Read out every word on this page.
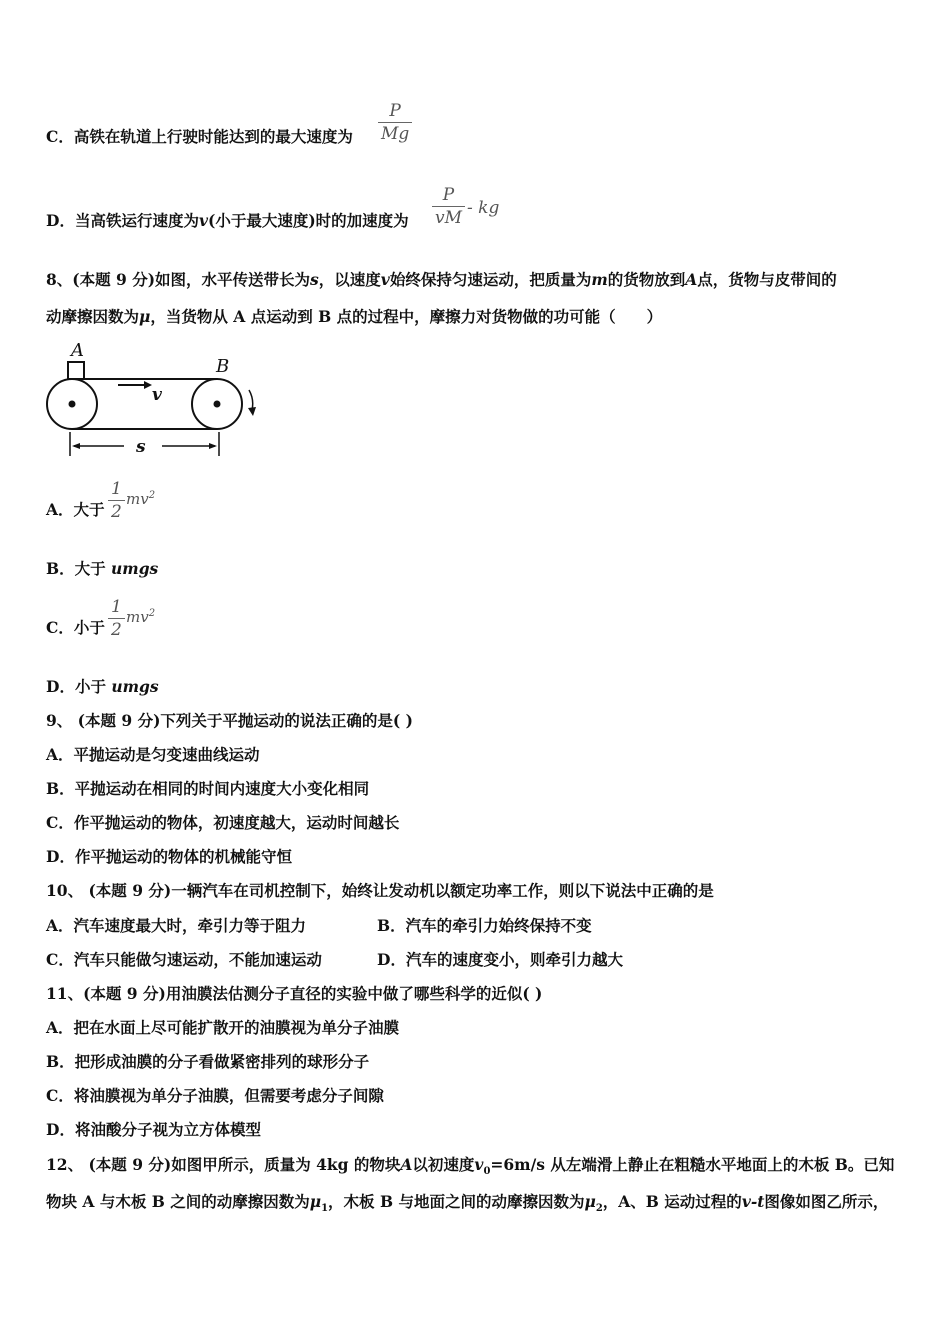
C．高铁在轨道上行驶时能达到的最大速度为 $\frac{P}{Mg}$
D．当高铁运行速度为v(小于最大速度)时的加速度为 $\frac{P}{vM}$ - kg
8、(本题 9 分)如图，水平传送带长为s，以速度v始终保持匀速运动，把质量为m的货物放到A点，货物与皮带间的
动摩擦因数为μ，当货物从 A 点运动到 B 点的过程中，摩擦力对货物做的功可能（　　）
A
B
v
s
A．大于 $\frac{1}{2} mv^2$
B．大于 umgs
C．小于 $\frac{1}{2} mv^2$
D．小于 umgs
9、 (本题 9 分)下列关于平抛运动的说法正确的是( )
A．平抛运动是匀变速曲线运动
B．平抛运动在相同的时间内速度大小变化相同
C．作平抛运动的物体，初速度越大，运动时间越长
D．作平抛运动的物体的机械能守恒
10、 (本题 9 分)一辆汽车在司机控制下，始终让发动机以额定功率工作，则以下说法中正确的是
A．汽车速度最大时，牵引力等于阻力	B．汽车的牵引力始终保持不变
C．汽车只能做匀速运动，不能加速运动	D．汽车的速度变小，则牵引力越大
11、(本题 9 分)用油膜法估测分子直径的实验中做了哪些科学的近似( )
A．把在水面上尽可能扩散开的油膜视为单分子油膜
B．把形成油膜的分子看做紧密排列的球形分子
C．将油膜视为单分子油膜，但需要考虑分子间隙
D．将油酸分子视为立方体模型
12、 (本题 9 分)如图甲所示，质量为 4kg 的物块A以初速度$v_0=6m/s$ 从左端滑上静止在粗糙水平地面上的木板 B。已知
物块 A 与木板 B 之间的动摩擦因数为$\mu_1$，木板 B 与地面之间的动摩擦因数为$\mu_2$，A、B 运动过程的v-t图像如图乙所示，
